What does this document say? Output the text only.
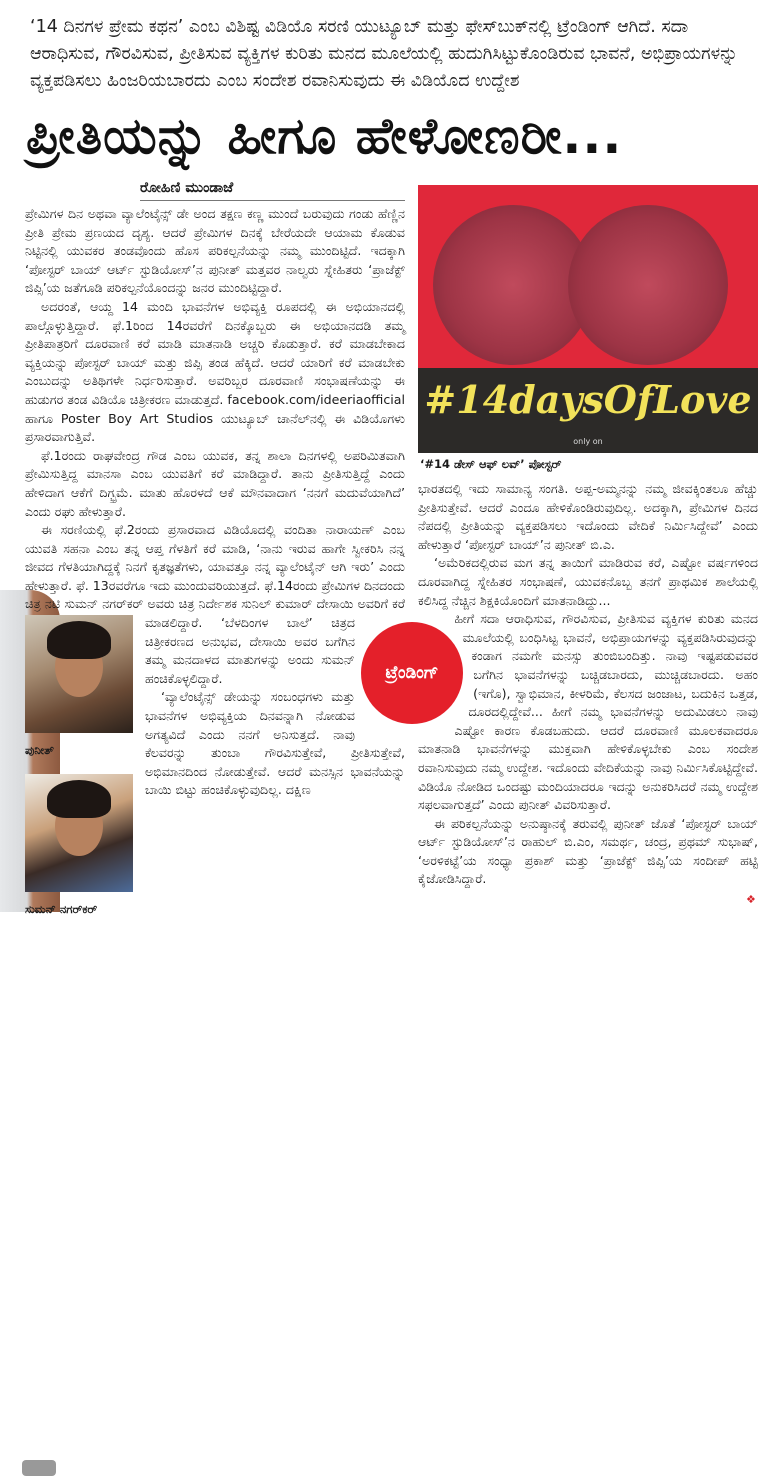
‘14 ದಿನಗಳ ಪ್ರೇಮ ಕಥನ’ ಎಂಬ ವಿಶಿಷ್ಟ ವಿಡಿಯೊ ಸರಣಿ ಯುಟ್ಯೂಬ್ ಮತ್ತು ಫೇಸ್‌ಬುಕ್‌ನಲ್ಲಿ ಟ್ರೆಂಡಿಂಗ್ ಆಗಿದೆ. ಸದಾ ಆರಾಧಿಸುವ, ಗೌರವಿಸುವ, ಪ್ರೀತಿಸುವ ವ್ಯಕ್ತಿಗಳ ಕುರಿತು ಮನದ ಮೂಲೆಯಲ್ಲಿ ಹುದುಗಿಸಿಟ್ಟುಕೊಂಡಿರುವ ಭಾವನೆ, ಅಭಿಪ್ರಾಯಗಳನ್ನು ವ್ಯಕ್ತಪಡಿಸಲು ಹಿಂಜರಿಯಬಾರದು ಎಂಬ ಸಂದೇಶ ರವಾನಿಸುವುದು ಈ ವಿಡಿಯೊದ ಉದ್ದೇಶ
ಪ್ರೀತಿಯನ್ನು ಹೀಗೂ ಹೇಳೋಣರೀ...
ರೋಹಿಣಿ ಮುಂಡಾಜೆ
ಪುನೀತ್
ಸುಮನ್ ನಗರ್‌ಕರ್

ಪ್ರೇಮಿಗಳ ದಿನ ಅಥವಾ ವ್ಯಾಲೆಂಟೈನ್ಸ್ ಡೇ ಅಂದ ತಕ್ಷಣ ಕಣ್ಣ ಮುಂದೆ ಬರುವುದು ಗಂಡು ಹೆಣ್ಣಿನ ಪ್ರೀತಿ ಪ್ರೇಮ ಪ್ರಣಯದ ದೃಶ್ಯ. ಆದರೆ ಪ್ರೇಮಿಗಳ ದಿನಕ್ಕೆ ಬೇರೆಯದೇ ಆಯಾಮ ಕೊಡುವ ನಿಟ್ಟಿನಲ್ಲಿ ಯುವಕರ ತಂಡವೊಂದು ಹೊಸ ಪರಿಕಲ್ಪನೆಯನ್ನು ನಮ್ಮ ಮುಂದಿಟ್ಟಿದೆ. ಇದಕ್ಕಾಗಿ ‘ಪೋಸ್ಟರ್ ಬಾಯ್ ಆರ್ಟ್ ಸ್ಟುಡಿಯೋಸ್’ನ ಪುನೀತ್ ಮತ್ತವರ ನಾಲ್ವರು ಸ್ನೇಹಿತರು ‘ಪ್ರಾಜೆಕ್ಟ್ ಜಿಪ್ಸಿ’ಯ ಜತೆಗೂಡಿ ಪರಿಕಲ್ಪನೆಯೊಂದನ್ನು ಜನರ ಮುಂದಿಟ್ಟಿದ್ದಾರೆ.

ಅದರಂತೆ, ಆಯ್ದ 14 ಮಂದಿ ಭಾವನೆಗಳ ಅಭಿವ್ಯಕ್ತಿ ರೂಪದಲ್ಲಿ ಈ ಅಭಿಯಾನದಲ್ಲಿ ಪಾಲ್ಗೊಳ್ಳುತ್ತಿದ್ದಾರೆ. ಫೆ.1ರಿಂದ 14ರವರೆಗೆ ದಿನಕ್ಕೊಬ್ಬರು ಈ ಅಭಿಯಾನದಡಿ ತಮ್ಮ ಪ್ರೀತಿಪಾತ್ರರಿಗೆ ದೂರವಾಣಿ ಕರೆ ಮಾಡಿ ಮಾತನಾಡಿ ಅಚ್ಚರಿ ಕೊಡುತ್ತಾರೆ. ಕರೆ ಮಾಡಬೇಕಾದ ವ್ಯಕ್ತಿಯನ್ನು ಪೋಸ್ಟರ್ ಬಾಯ್ ಮತ್ತು ಜಿಪ್ಸಿ ತಂಡ ಹೆಕ್ಕಿದೆ. ಆದರೆ ಯಾರಿಗೆ ಕರೆ ಮಾಡಬೇಕು ಎಂಬುದನ್ನು ಅತಿಥಿಗಳೇ ನಿರ್ಧರಿಸುತ್ತಾರೆ. ಅವರಿಬ್ಬರ ದೂರವಾಣಿ ಸಂಭಾಷಣೆಯನ್ನು ಈ ಹುಡುಗರ ತಂಡ ವಿಡಿಯೊ ಚಿತ್ರೀಕರಣ ಮಾಡುತ್ತದೆ. facebook.com/ideeriaofficial ಹಾಗೂ Poster Boy Art Studios ಯುಟ್ಯೂಬ್ ಚಾನೆಲ್‌ನಲ್ಲಿ ಈ ವಿಡಿಯೊಗಳು ಪ್ರಸಾರವಾಗುತ್ತಿವೆ.

ಫೆ.1ರಂದು ರಾಘವೇಂದ್ರ ಗೌಡ ಎಂಬ ಯುವಕ, ತನ್ನ ಶಾಲಾ ದಿನಗಳಲ್ಲಿ ಅಪರಿಮಿತವಾಗಿ ಪ್ರೇಮಿಸುತ್ತಿದ್ದ ಮಾನಸಾ ಎಂಬ ಯುವತಿಗೆ ಕರೆ ಮಾಡಿದ್ದಾರೆ. ತಾನು ಪ್ರೀತಿಸುತ್ತಿದ್ದೆ ಎಂದು ಹೇಳಿದಾಗ ಆಕೆಗೆ ದಿಗ್ಭ್ರಮೆ. ಮಾತು ಹೊರಳದೆ ಆಕೆ ಮೌನವಾದಾಗ ‘ನನಗೆ ಮದುವೆಯಾಗಿದೆ’ ಎಂದು ರಘು ಹೇಳುತ್ತಾರೆ.

ಈ ಸರಣಿಯಲ್ಲಿ ಫೆ.2ರಂದು ಪ್ರಸಾರವಾದ ವಿಡಿಯೊದಲ್ಲಿ ವಂದಿತಾ ನಾರಾಯಣ್ ಎಂಬ ಯುವತಿ ಸಹನಾ ಎಂಬ ತನ್ನ ಆಪ್ತ ಗೆಳತಿಗೆ ಕರೆ ಮಾಡಿ, ‘ನಾನು ಇರುವ ಹಾಗೇ ಸ್ವೀಕರಿಸಿ ನನ್ನ ಜೀವದ ಗೆಳತಿಯಾಗಿದ್ದಕ್ಕೆ ನಿನಗೆ ಕೃತಜ್ಞತೆಗಳು, ಯಾವತ್ತೂ ನನ್ನ ವ್ಯಾಲೆಂಟೈನ್ ಆಗಿ ಇರು’ ಎಂದು ಹೇಳುತ್ತಾರೆ. ಫೆ. 13ರವರೆಗೂ ಇದು ಮುಂದುವರಿಯುತ್ತದೆ. ಫೆ.14ರಂದು ಪ್ರೇಮಿಗಳ ದಿನದಂದು ಚಿತ್ರ ನಟಿ ಸುಮನ್ ನಗರ್‌ಕರ್ ಅವರು ಚಿತ್ರ ನಿರ್ದೇಶಕ ಸುನಿಲ್ ಕುಮಾರ್ ದೇಸಾಯಿ ಅವರಿಗೆ ಕರೆ ಮಾಡಲಿದ್ದಾರೆ. ‘ಬೆಳದಿಂಗಳ ಬಾಲೆ’ ಚಿತ್ರದ ಚಿತ್ರೀಕರಣದ ಅನುಭವ, ದೇಸಾಯಿ ಅವರ ಬಗೆಗಿನ ತಮ್ಮ ಮನದಾಳದ ಮಾತುಗಳನ್ನು ಅಂದು ಸುಮನ್ ಹಂಚಿಕೊಳ್ಳಲಿದ್ದಾರೆ.

‘ವ್ಯಾಲೆಂಟೈನ್ಸ್ ಡೇಯನ್ನು ಸಂಬಂಧಗಳು ಮತ್ತು ಭಾವನೆಗಳ ಅಭಿವ್ಯಕ್ತಿಯ ದಿನವನ್ನಾಗಿ ನೋಡುವ ಅಗತ್ಯವಿದೆ ಎಂದು ನನಗೆ ಅನಿಸುತ್ತದೆ. ನಾವು ಕೆಲವರನ್ನು ತುಂಬಾ ಗೌರವಿಸುತ್ತೇವೆ, ಪ್ರೀತಿಸುತ್ತೇವೆ, ಅಭಿಮಾನದಿಂದ ನೋಡುತ್ತೇವೆ. ಆದರೆ ಮನಸ್ಸಿನ ಭಾವನೆಯನ್ನು ಬಾಯಿ ಬಿಟ್ಟು ಹಂಚಿಕೊಳ್ಳುವುದಿಲ್ಲ. ದಕ್ಷಿಣ

#14daysOfLove
only on
‘#14 ಡೇಸ್ ಆಫ್ ಲವ್’ ಪೋಸ್ಟರ್

ಭಾರತದಲ್ಲಿ ಇದು ಸಾಮಾನ್ಯ ಸಂಗತಿ. ಅಪ್ಪ-ಅಮ್ಮನನ್ನು ನಮ್ಮ ಜೀವಕ್ಕಿಂತಲೂ ಹೆಚ್ಚು ಪ್ರೀತಿಸುತ್ತೇವೆ. ಆದರೆ ಎಂದೂ ಹೇಳಿಕೊಂಡಿರುವುದಿಲ್ಲ. ಅದಕ್ಕಾಗಿ, ಪ್ರೇಮಿಗಳ ದಿನದ ನೆಪದಲ್ಲಿ ಪ್ರೀತಿಯನ್ನು ವ್ಯಕ್ತಪಡಿಸಲು ಇದೊಂದು ವೇದಿಕೆ ನಿರ್ಮಿಸಿದ್ದೇವೆ’ ಎಂದು ಹೇಳುತ್ತಾರೆ ‘ಪೋಸ್ಟರ್ ಬಾಯ್’ನ ಪುನೀತ್ ಬಿ.ಎ.

‘ಅಮೆರಿಕದಲ್ಲಿರುವ ಮಗ ತನ್ನ ತಾಯಿಗೆ ಮಾಡಿರುವ ಕರೆ, ಎಷ್ಟೋ ವರ್ಷಗಳಿಂದ ದೂರವಾಗಿದ್ದ ಸ್ನೇಹಿತರ ಸಂಭಾಷಣೆ, ಯುವಕನೊಬ್ಬ ತನಗೆ ಪ್ರಾಥಮಿಕ ಶಾಲೆಯಲ್ಲಿ ಕಲಿಸಿದ್ದ ನೆಚ್ಚಿನ ಶಿಕ್ಷಕಿಯೊಂದಿಗೆ ಮಾತನಾಡಿದ್ದು...

ಹೀಗೆ ಸದಾ ಆರಾಧಿಸುವ, ಗೌರವಿಸುವ, ಪ್ರೀತಿಸುವ ವ್ಯಕ್ತಿಗಳ ಕುರಿತು ಮನದ ಮೂಲೆಯಲ್ಲಿ ಬಂಧಿಸಿಟ್ಟ ಭಾವನೆ, ಅಭಿಪ್ರಾಯಗಳನ್ನು ವ್ಯಕ್ತಪಡಿಸಿರುವುದನ್ನು ಕಂಡಾಗ ನಮಗೇ ಮನಸ್ಸು ತುಂಬಿಬಂದಿತ್ತು. ನಾವು ಇಷ್ಟಪಡುವವರ ಬಗೆಗಿನ ಭಾವನೆಗಳನ್ನು ಬಚ್ಚಿಡಬಾರದು, ಮುಚ್ಚಿಡಬಾರದು. ಅಹಂ (ಇಗೊ), ಸ್ವಾಭಿಮಾನ, ಕೀಳರಿಮೆ, ಕೆಲಸದ ಜಂಜಾಟ, ಬದುಕಿನ ಒತ್ತಡ, ದೂರದಲ್ಲಿದ್ದೇವೆ... ಹೀಗೆ ನಮ್ಮ ಭಾವನೆಗಳನ್ನು ಅದುಮಿಡಲು ನಾವು ಎಷ್ಟೋ ಕಾರಣ ಕೊಡಬಹುದು. ಆದರೆ ದೂರವಾಣಿ ಮೂಲಕವಾದರೂ ಮಾತನಾಡಿ ಭಾವನೆಗಳನ್ನು ಮುಕ್ತವಾಗಿ ಹೇಳಿಕೊಳ್ಳಬೇಕು ಎಂಬ ಸಂದೇಶ ರವಾನಿಸುವುದು ನಮ್ಮ ಉದ್ದೇಶ. ಇದೊಂದು ವೇದಿಕೆಯನ್ನು ನಾವು ನಿರ್ಮಿಸಿಕೊಟ್ಟಿದ್ದೇವೆ. ವಿಡಿಯೊ ನೋಡಿದ ಒಂದಷ್ಟು ಮಂದಿಯಾದರೂ ಇದನ್ನು ಅನುಕರಿಸಿದರೆ ನಮ್ಮ ಉದ್ದೇಶ ಸಫಲವಾಗುತ್ತದೆ’ ಎಂದು ಪುನೀತ್ ವಿವರಿಸುತ್ತಾರೆ.

ಈ ಪರಿಕಲ್ಪನೆಯನ್ನು ಅನುಷ್ಠಾನಕ್ಕೆ ತರುವಲ್ಲಿ ಪುನೀತ್ ಜೊತೆ ‘ಪೋಸ್ಟರ್ ಬಾಯ್ ಆರ್ಟ್ ಸ್ಟುಡಿಯೋಸ್’ನ ರಾಹುಲ್ ಬಿ.ಎಂ, ಸಮರ್ಥ, ಚಂದ್ರ, ಪ್ರಥಮ್ ಸುಭಾಷ್, ‘ಅರಳಿಕಟ್ಟೆ’ಯ ಸಂಧ್ಯಾ ಪ್ರಕಾಶ್ ಮತ್ತು ‘ಪ್ರಾಜೆಕ್ಟ್ ಜಿಪ್ಸಿ’ಯ ಸಂದೀಪ್ ಹಟ್ಟಿ ಕೈಜೋಡಿಸಿದ್ದಾರೆ.

ಟ್ರೆಂಡಿಂಗ್
❖
